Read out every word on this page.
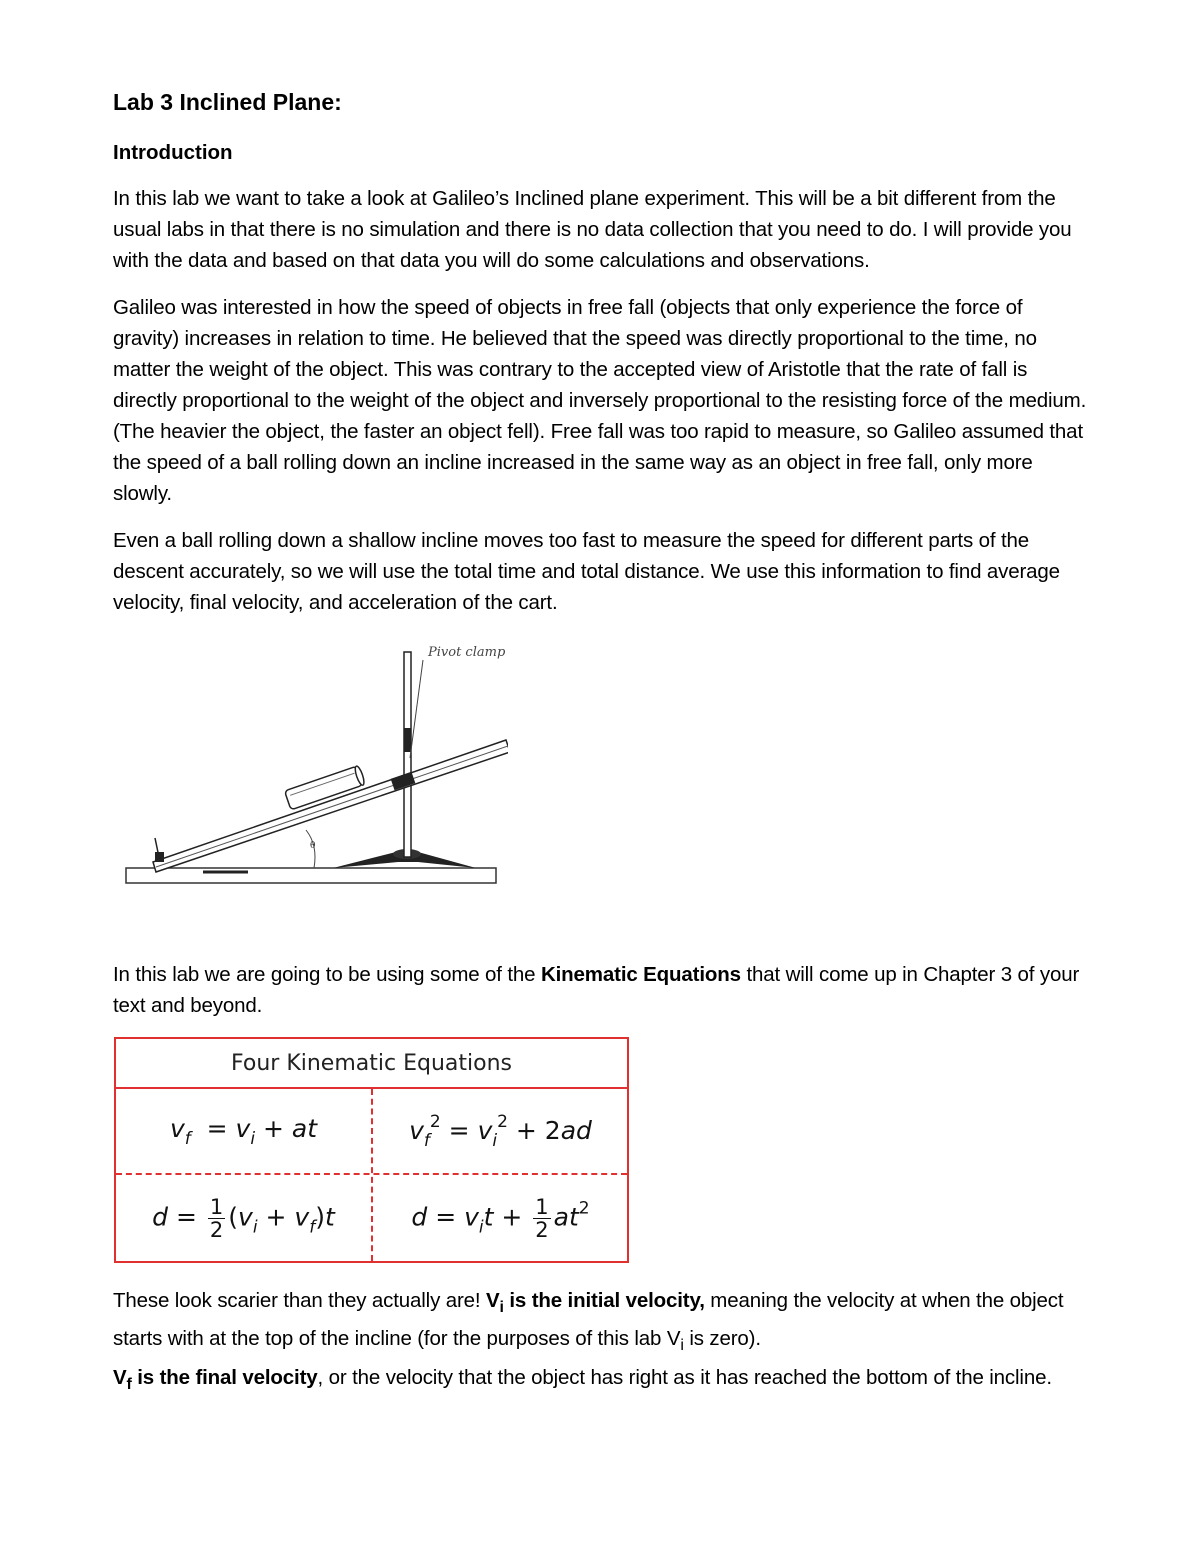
Lab 3 Inclined Plane:
Introduction

In this lab we want to take a look at Galileo’s Inclined plane experiment. This will be a bit different from the usual labs in that there is no simulation and there is no data collection that you need to do. I will provide you with the data and based on that data you will do some calculations and observations.

Galileo was interested in how the speed of objects in free fall (objects that only experience the force of gravity) increases in relation to time. He believed that the speed was directly proportional to the time, no matter the weight of the object. This was contrary to the accepted view of Aristotle that the rate of fall is directly proportional to the weight of the object and inversely proportional to the resisting force of the medium. (The heavier the object, the faster an object fell). Free fall was too rapid to measure, so Galileo assumed that the speed of a ball rolling down an incline increased in the same way as an object in free fall, only more slowly.

Even a ball rolling down a shallow incline moves too fast to measure the speed for different parts of the descent accurately, so we will use the total time and total distance. We use this information to find average velocity, final velocity, and acceleration of the cart.

θ
Pivot clamp

In this lab we are going to be using some of the Kinematic Equations that will come up in Chapter 3 of your text and beyond.

Four Kinematic Equations
$v_f = v_i$ + at	$v_f^2 = v_i^2 + 2ad$
$d = \frac{1}{2} (v_i + v_f)t$	$d = v_it + \frac{1}{2} at^2$

These look scarier than they actually are! $V_i$ is the initial velocity, meaning the velocity at when the object starts with at the top of the incline (for the purposes of this lab $V_i$ is zero).

$V_f$ is the final velocity, or the velocity that the object has right as it has reached the bottom of the incline.
